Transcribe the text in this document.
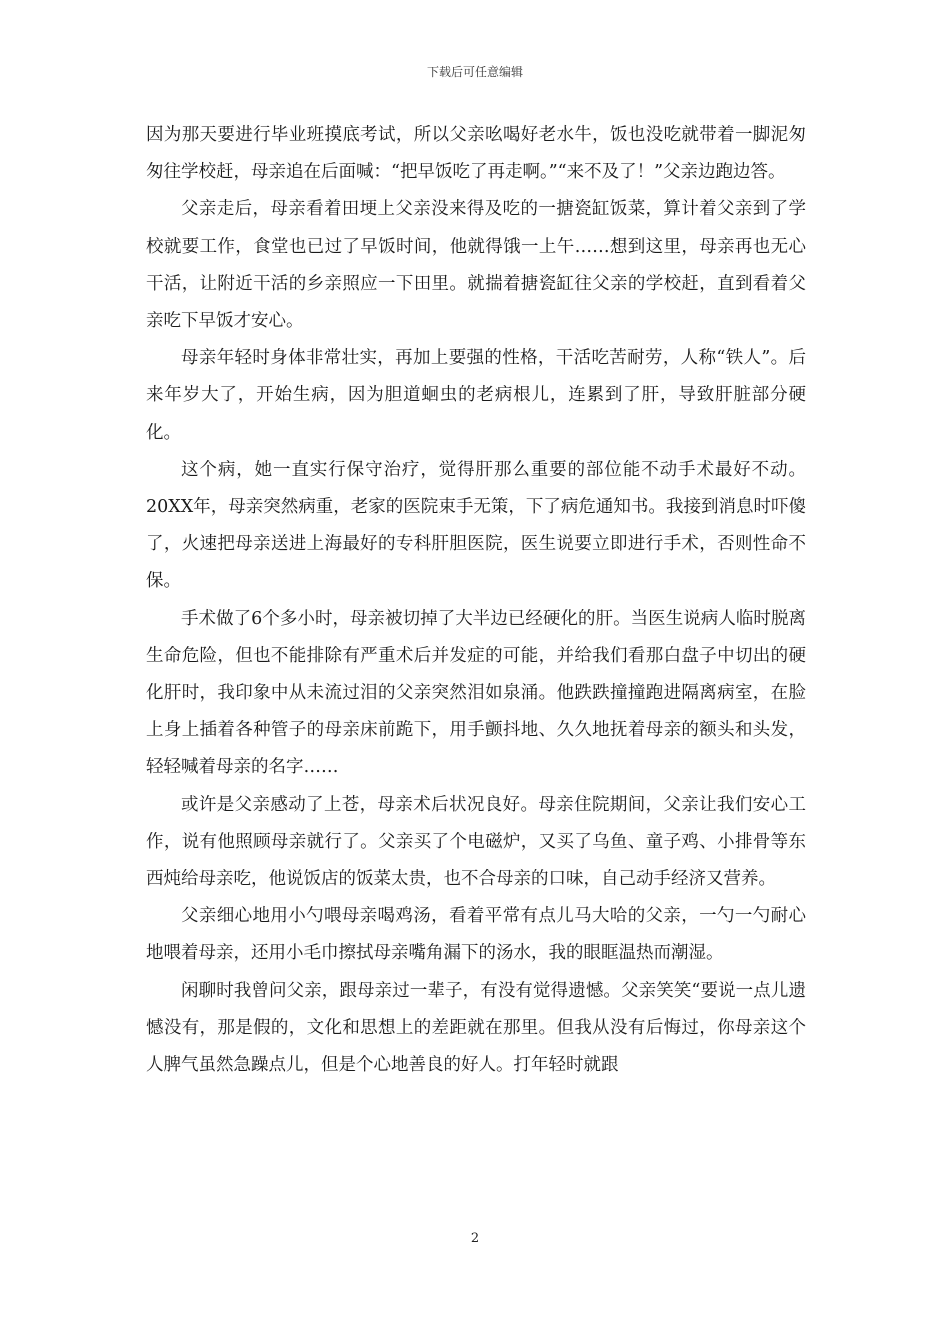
下载后可任意编辑

因为那天要进行毕业班摸底考试，所以父亲吆喝好老水牛，饭也没吃就带着一脚泥匆匆往学校赶，母亲追在后面喊：“把早饭吃了再走啊。”“来不及了！”父亲边跑边答。

父亲走后，母亲看着田埂上父亲没来得及吃的一搪瓷缸饭菜，算计着父亲到了学校就要工作，食堂也已过了早饭时间，他就得饿一上午……想到这里，母亲再也无心干活，让附近干活的乡亲照应一下田里。就揣着搪瓷缸往父亲的学校赶，直到看着父亲吃下早饭才安心。

母亲年轻时身体非常壮实，再加上要强的性格，干活吃苦耐劳，人称“铁人”。后来年岁大了，开始生病，因为胆道蛔虫的老病根儿，连累到了肝，导致肝脏部分硬化。

这个病，她一直实行保守治疗，觉得肝那么重要的部位能不动手术最好不动。20XX年，母亲突然病重，老家的医院束手无策，下了病危通知书。我接到消息时吓傻了，火速把母亲送进上海最好的专科肝胆医院，医生说要立即进行手术，否则性命不保。

手术做了6个多小时，母亲被切掉了大半边已经硬化的肝。当医生说病人临时脱离生命危险，但也不能排除有严重术后并发症的可能，并给我们看那白盘子中切出的硬化肝时，我印象中从未流过泪的父亲突然泪如泉涌。他跌跌撞撞跑进隔离病室，在脸上身上插着各种管子的母亲床前跪下，用手颤抖地、久久地抚着母亲的额头和头发，轻轻喊着母亲的名字……

或许是父亲感动了上苍，母亲术后状况良好。母亲住院期间，父亲让我们安心工作，说有他照顾母亲就行了。父亲买了个电磁炉，又买了乌鱼、童子鸡、小排骨等东西炖给母亲吃，他说饭店的饭菜太贵，也不合母亲的口味，自己动手经济又营养。

父亲细心地用小勺喂母亲喝鸡汤，看着平常有点儿马大哈的父亲，一勺一勺耐心地喂着母亲，还用小毛巾擦拭母亲嘴角漏下的汤水，我的眼眶温热而潮湿。

闲聊时我曾问父亲，跟母亲过一辈子，有没有觉得遗憾。父亲笑笑“要说一点儿遗憾没有，那是假的，文化和思想上的差距就在那里。但我从没有后悔过，你母亲这个人脾气虽然急躁点儿，但是个心地善良的好人。打年轻时就跟

2
